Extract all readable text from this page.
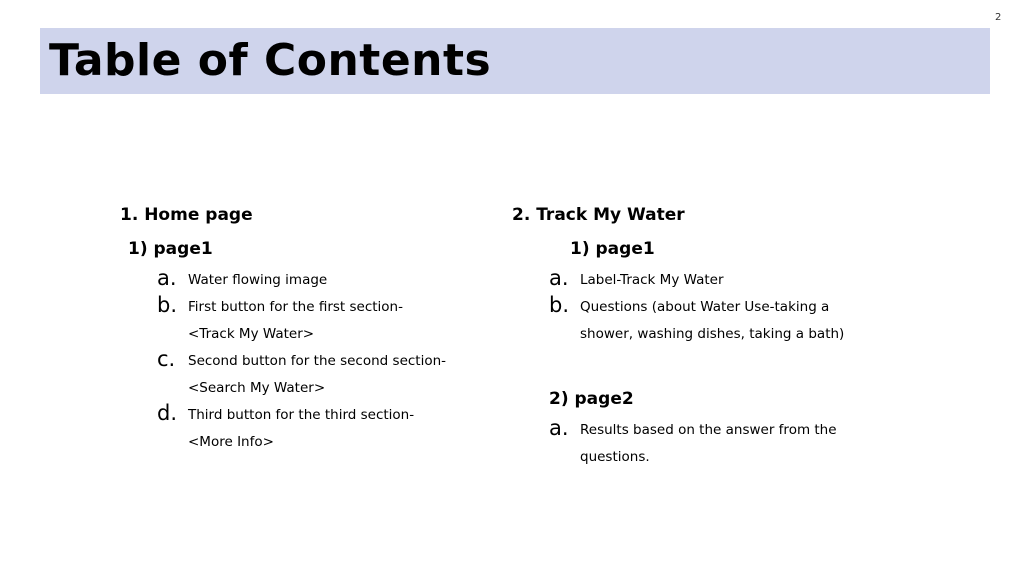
2
Table of Contents
1. Home page
1) page1
a. Water flowing image
b. First button for the first section-
<Track My Water>
c. Second button for the second section-
<Search My Water>
d. Third button for the third section-
<More Info>
2. Track My Water
1) page1
a. Label-Track My Water
b. Questions (about Water Use-taking a
shower, washing dishes, taking a bath)
2) page2
a. Results based on the answer from the
questions.
